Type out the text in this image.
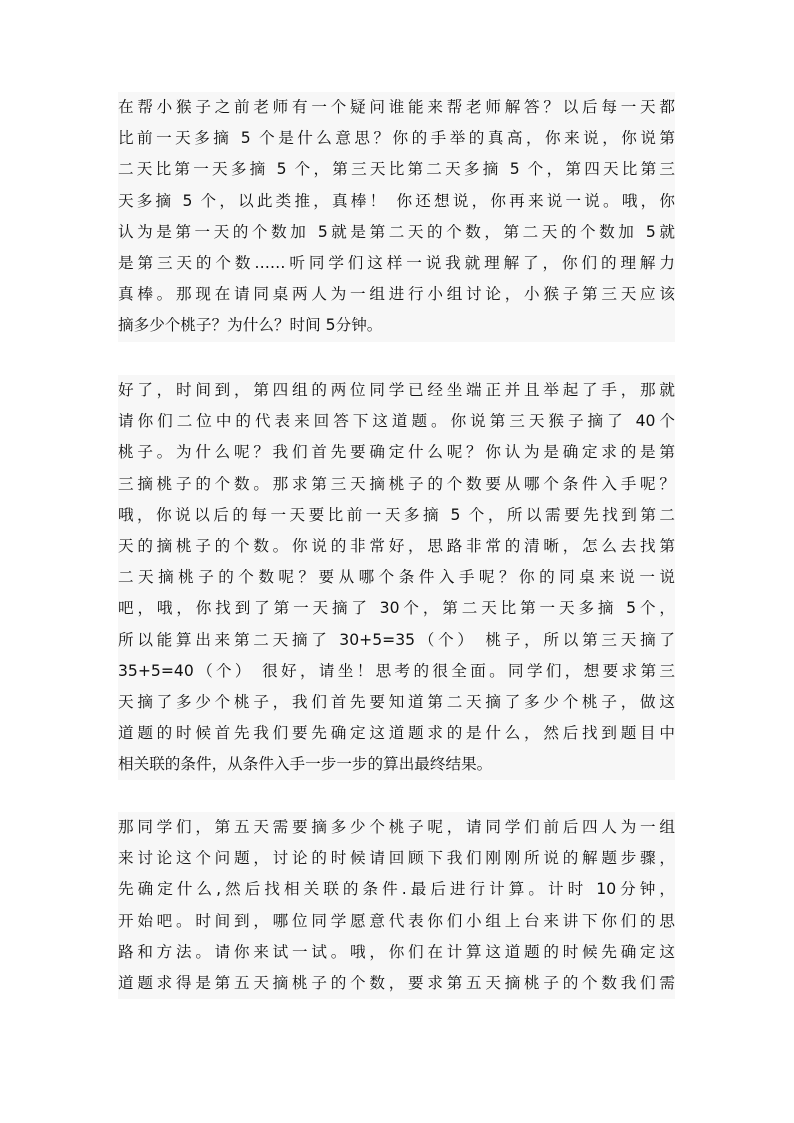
在帮小猴子之前老师有一个疑问谁能来帮老师解答？以后每一天都
比前一天多摘 5 个是什么意思？你的手举的真高，你来说，你说第
二天比第一天多摘 5 个，第三天比第二天多摘 5 个，第四天比第三
天多摘 5 个，以此类推，真棒！ 你还想说，你再来说一说。哦，你
认为是第一天的个数加 5就是第二天的个数，第二天的个数加 5就
是第三天的个数……听同学们这样一说我就理解了，你们的理解力
真棒。那现在请同桌两人为一组进行小组讨论，小猴子第三天应该
摘多少个桃子？为什么？时间 5分钟。
好了，时间到，第四组的两位同学已经坐端正并且举起了手，那就
请你们二位中的代表来回答下这道题。你说第三天猴子摘了 40个
桃子。为什么呢？我们首先要确定什么呢？你认为是确定求的是第
三摘桃子的个数。那求第三天摘桃子的个数要从哪个条件入手呢？
哦，你说以后的每一天要比前一天多摘 5 个，所以需要先找到第二
天的摘桃子的个数。你说的非常好，思路非常的清晰，怎么去找第
二天摘桃子的个数呢？要从哪个条件入手呢？你的同桌来说一说
吧，哦，你找到了第一天摘了 30个，第二天比第一天多摘 5个，
所以能算出来第二天摘了 30+5=35（个） 桃子，所以第三天摘了
35+5=40（个） 很好，请坐！思考的很全面。同学们，想要求第三
天摘了多少个桃子，我们首先要知道第二天摘了多少个桃子，做这
道题的时候首先我们要先确定这道题求的是什么，然后找到题目中
相关联的条件，从条件入手一步一步的算出最终结果。
那同学们，第五天需要摘多少个桃子呢，请同学们前后四人为一组
来讨论这个问题，讨论的时候请回顾下我们刚刚所说的解题步骤，
先确定什么,然后找相关联的条件.最后进行计算。计时 10分钟，
开始吧。时间到，哪位同学愿意代表你们小组上台来讲下你们的思
路和方法。请你来试一试。哦，你们在计算这道题的时候先确定这
道题求得是第五天摘桃子的个数，要求第五天摘桃子的个数我们需
